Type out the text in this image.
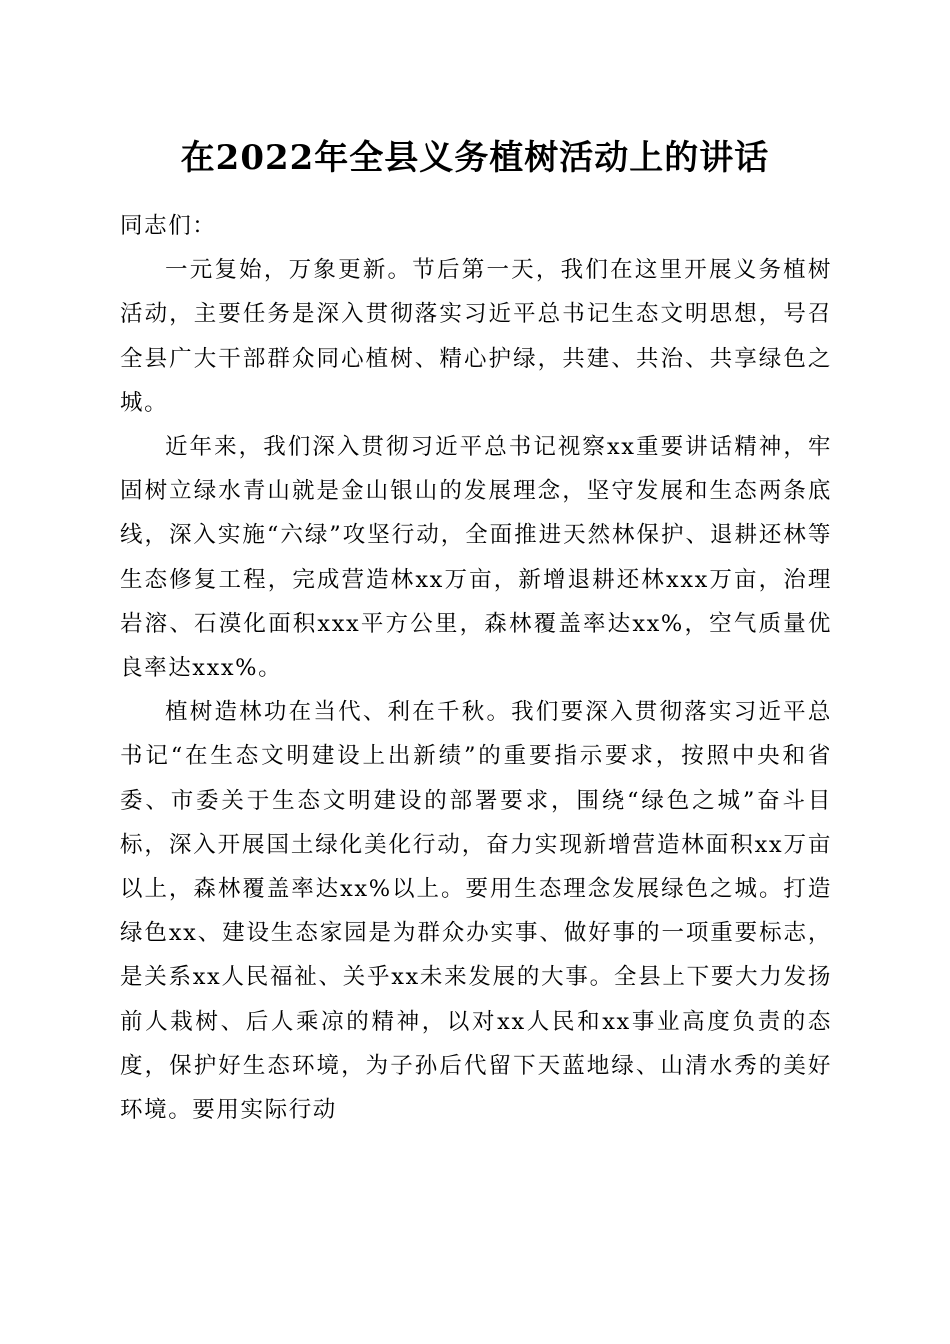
在2022年全县义务植树活动上的讲话

同志们：

一元复始，万象更新。节后第一天，我们在这里开展义务植树活动，主要任务是深入贯彻落实习近平总书记生态文明思想，号召全县广大干部群众同心植树、精心护绿，共建、共治、共享绿色之城。

近年来，我们深入贯彻习近平总书记视察xx重要讲话精神，牢固树立绿水青山就是金山银山的发展理念，坚守发展和生态两条底线，深入实施“六绿”攻坚行动，全面推进天然林保护、退耕还林等生态修复工程，完成营造林xx万亩，新增退耕还林xxx万亩，治理岩溶、石漠化面积xxx平方公里，森林覆盖率达xx%，空气质量优良率达xxx%。

植树造林功在当代、利在千秋。我们要深入贯彻落实习近平总书记“在生态文明建设上出新绩”的重要指示要求，按照中央和省委、市委关于生态文明建设的部署要求，围绕“绿色之城”奋斗目标，深入开展国土绿化美化行动，奋力实现新增营造林面积xx万亩以上，森林覆盖率达xx%以上。要用生态理念发展绿色之城。打造绿色xx、建设生态家园是为群众办实事、做好事的一项重要标志，是关系xx人民福祉、关乎xx未来发展的大事。全县上下要大力发扬前人栽树、后人乘凉的精神，以对xx人民和xx事业高度负责的态度，保护好生态环境，为子孙后代留下天蓝地绿、山清水秀的美好环境。要用实际行动
